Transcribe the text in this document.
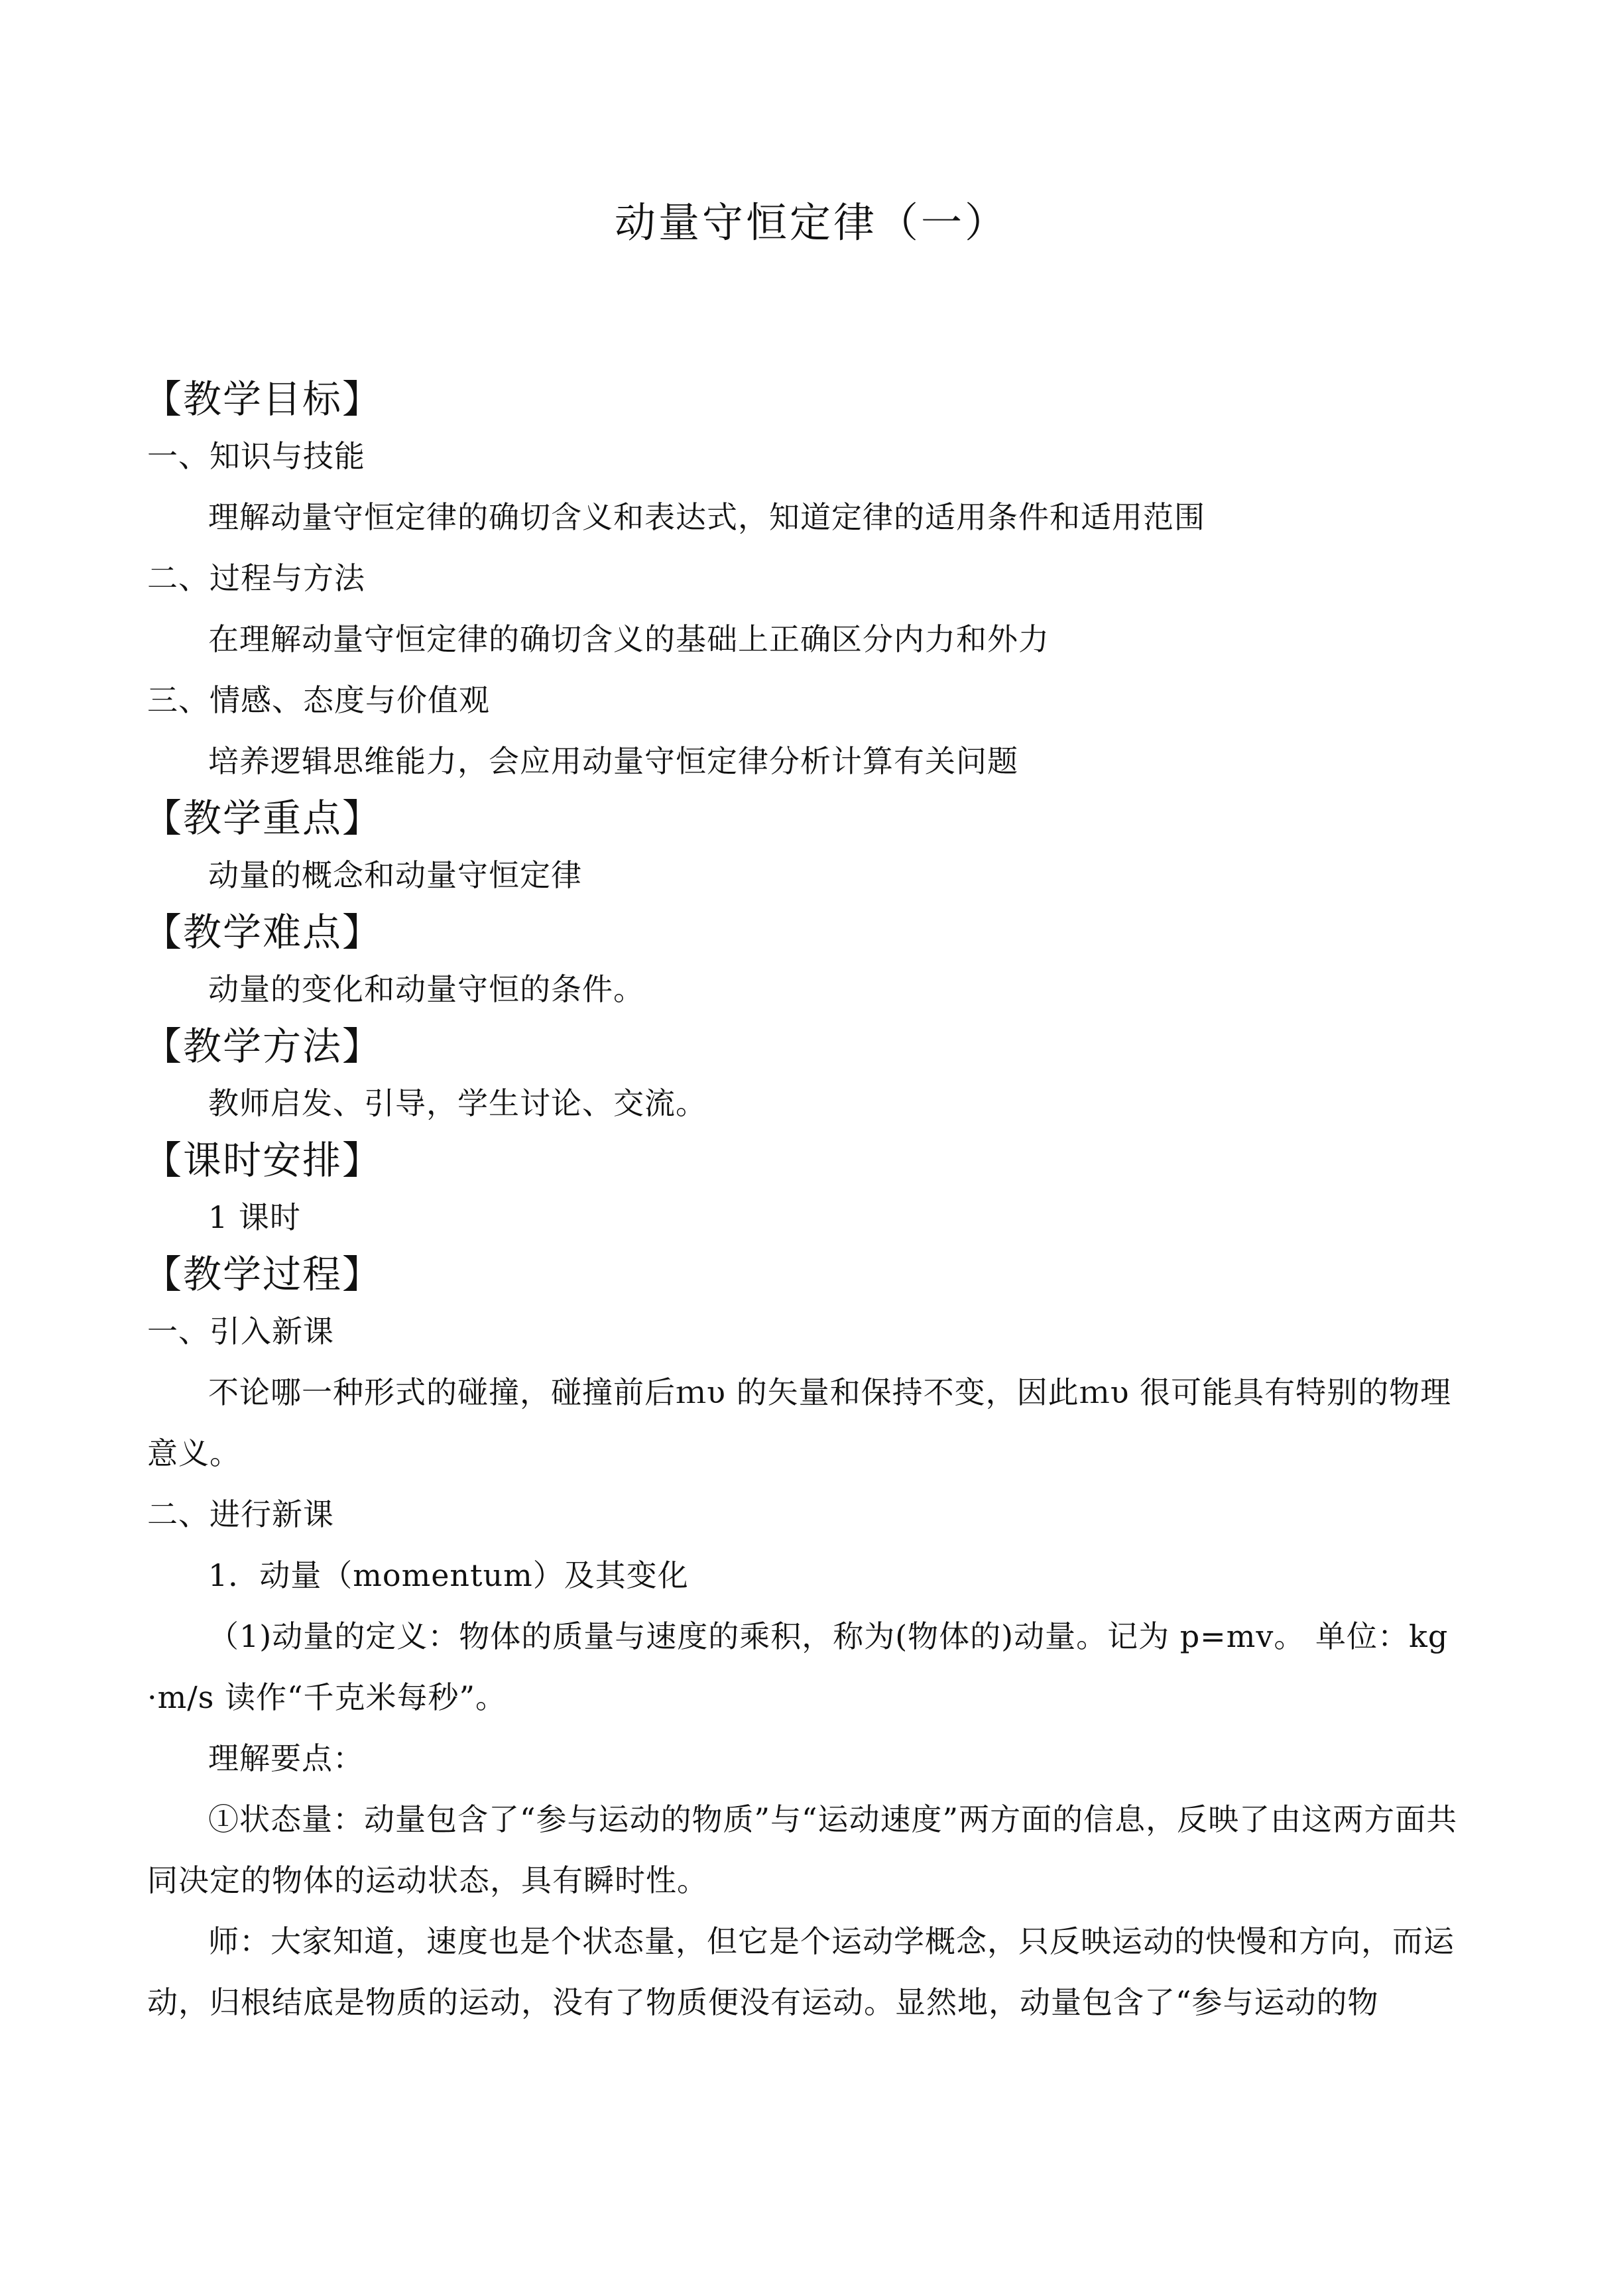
动量守恒定律（一）
【教学目标】
一、知识与技能
理解动量守恒定律的确切含义和表达式，知道定律的适用条件和适用范围
二、过程与方法
在理解动量守恒定律的确切含义的基础上正确区分内力和外力
三、情感、态度与价值观
培养逻辑思维能力，会应用动量守恒定律分析计算有关问题
【教学重点】
动量的概念和动量守恒定律
【教学难点】
动量的变化和动量守恒的条件。
【教学方法】
教师启发、引导，学生讨论、交流。
【课时安排】
1 课时
【教学过程】
一、引入新课
不论哪一种形式的碰撞，碰撞前后ｍυ 的矢量和保持不变，因此ｍυ 很可能具有特别的物理意义。
二、进行新课
1．动量（momentum）及其变化
（1)动量的定义：物体的质量与速度的乘积，称为(物体的)动量。记为 p=mv。 单位：kg ·m/s 读作“千克米每秒”。
理解要点：
①状态量：动量包含了“参与运动的物质”与“运动速度”两方面的信息，反映了由这两方面共同决定的物体的运动状态，具有瞬时性。
师：大家知道，速度也是个状态量，但它是个运动学概念，只反映运动的快慢和方向，而运动，归根结底是物质的运动，没有了物质便没有运动。显然地，动量包含了“参与运动的物
